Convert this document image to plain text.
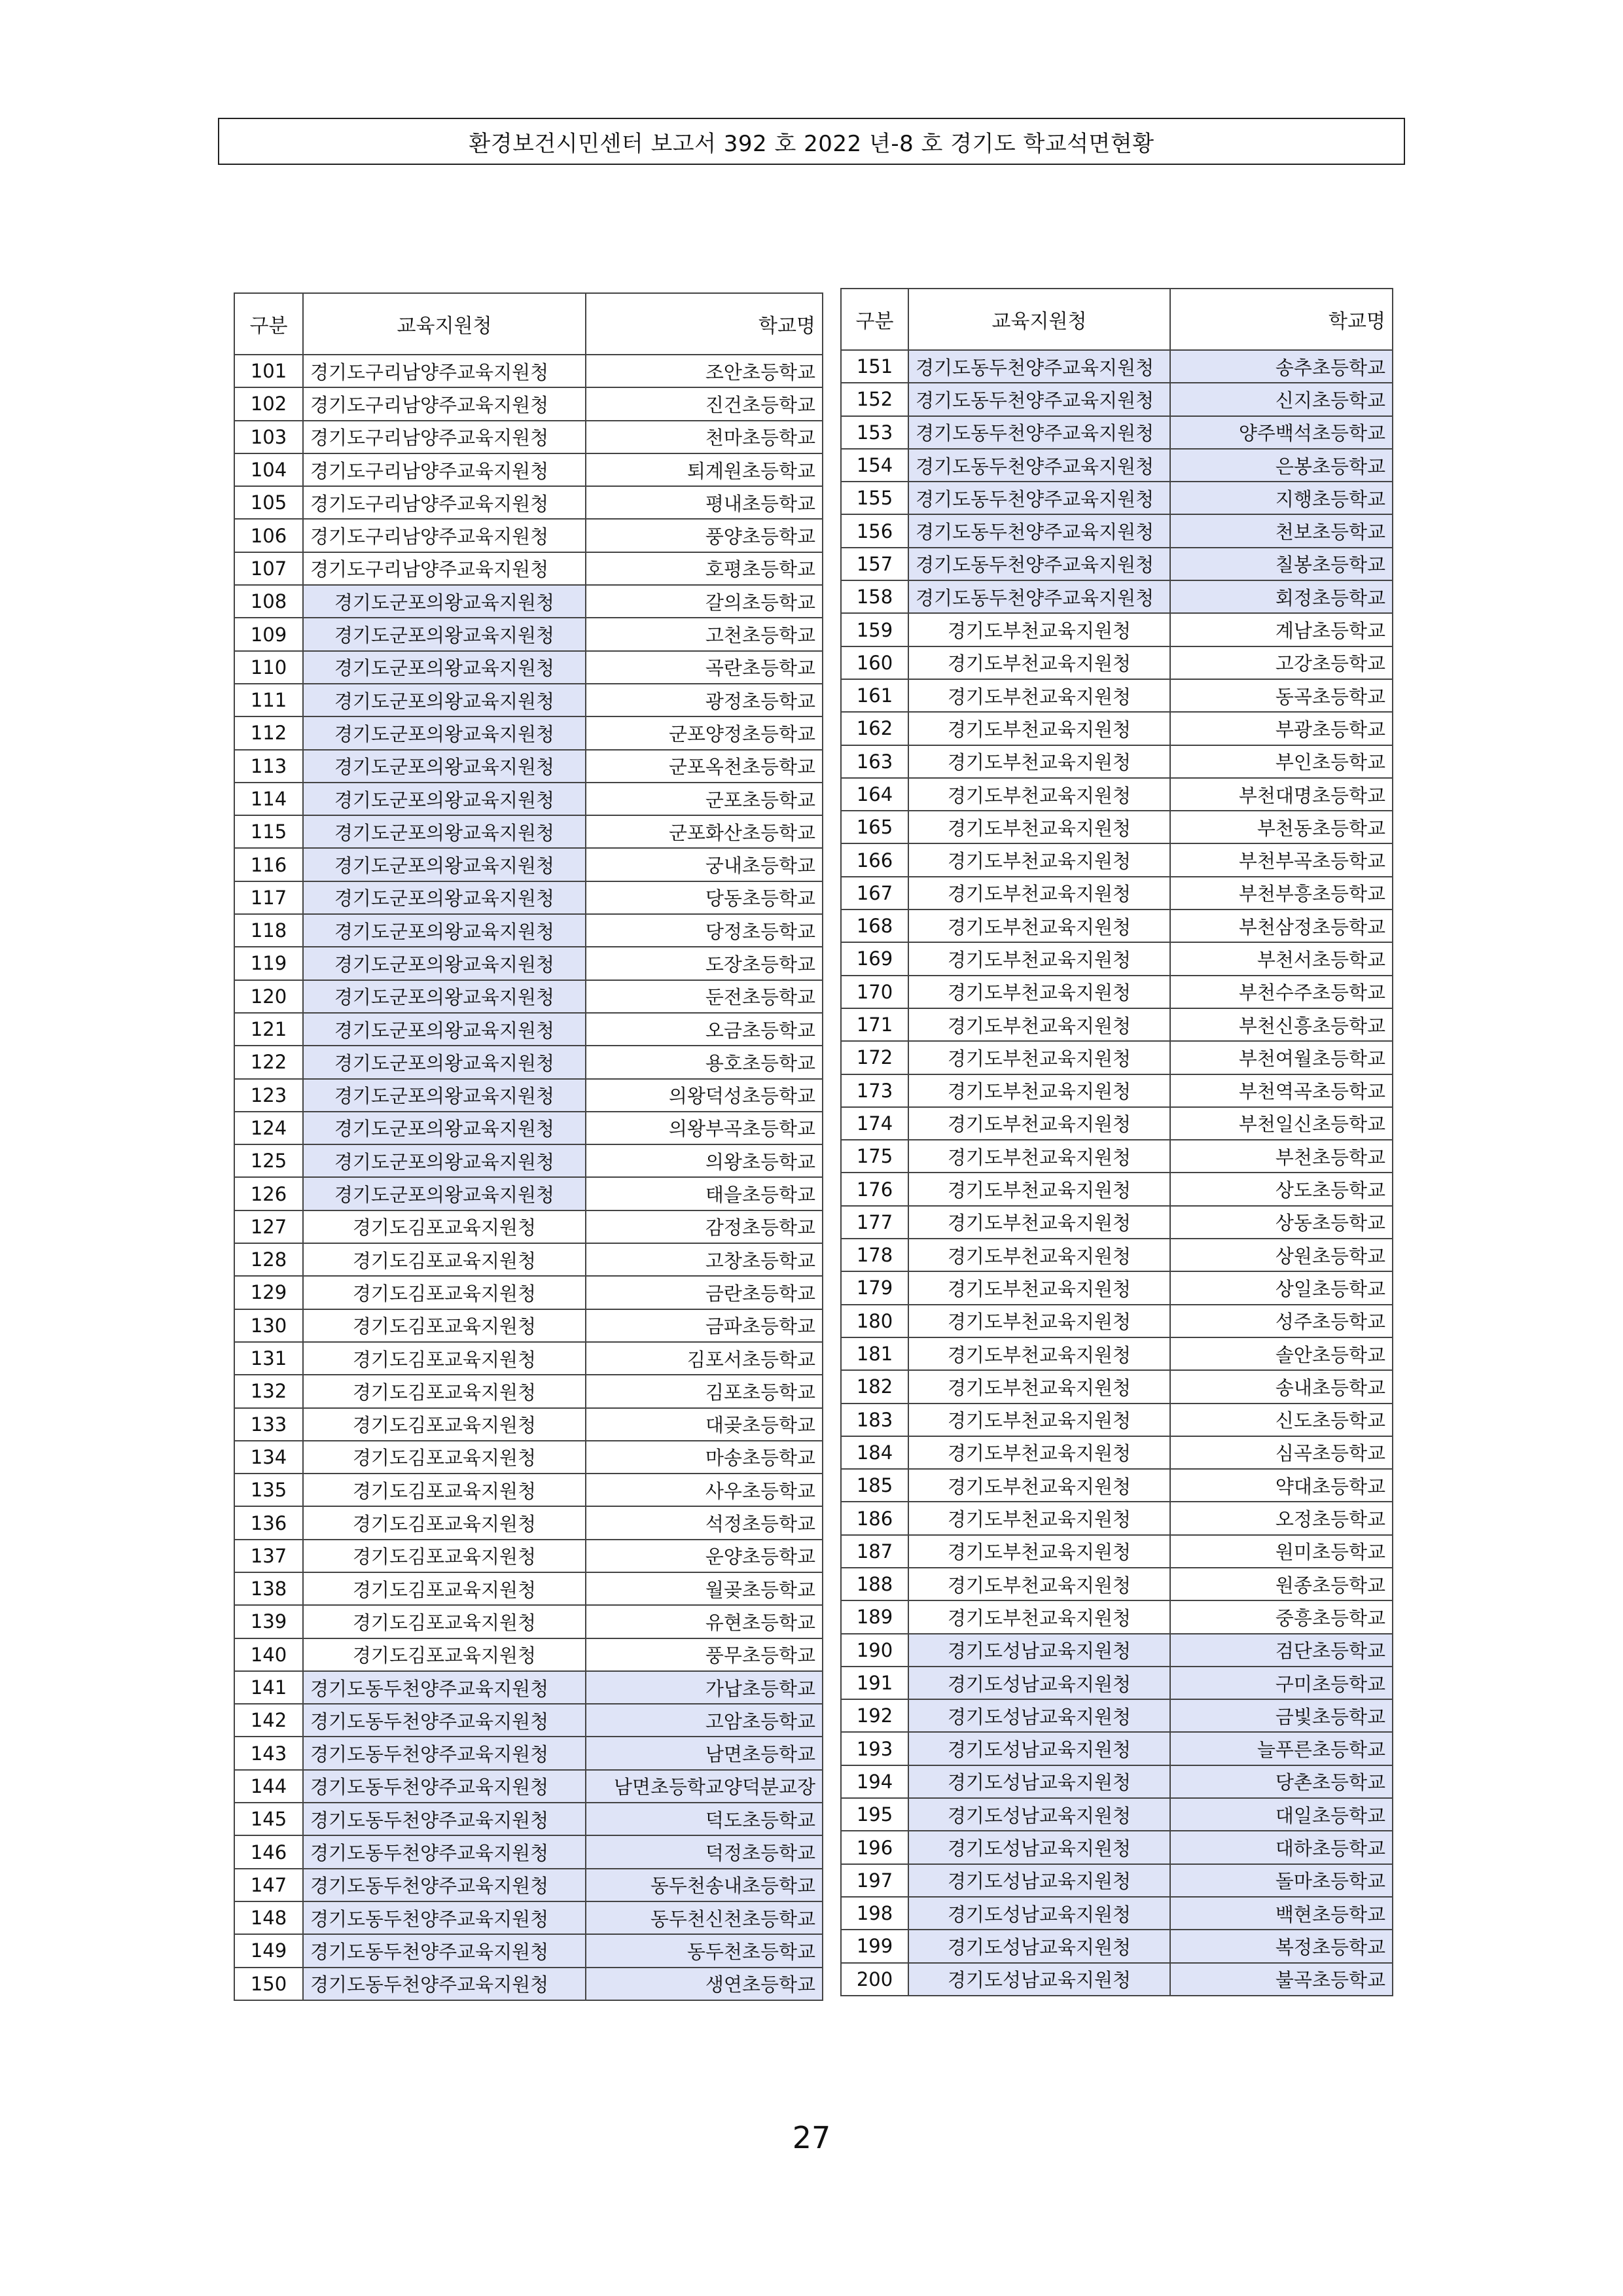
환경보건시민센터 보고서 392 호 2022 년-8 호 경기도 학교석면현황
구분	교육지원청	학교명
101	경기도구리남양주교육지원청	조안초등학교
102	경기도구리남양주교육지원청	진건초등학교
103	경기도구리남양주교육지원청	천마초등학교
104	경기도구리남양주교육지원청	퇴계원초등학교
105	경기도구리남양주교육지원청	평내초등학교
106	경기도구리남양주교육지원청	풍양초등학교
107	경기도구리남양주교육지원청	호평초등학교
108	경기도군포의왕교육지원청	갈의초등학교
109	경기도군포의왕교육지원청	고천초등학교
110	경기도군포의왕교육지원청	곡란초등학교
111	경기도군포의왕교육지원청	광정초등학교
112	경기도군포의왕교육지원청	군포양정초등학교
113	경기도군포의왕교육지원청	군포옥천초등학교
114	경기도군포의왕교육지원청	군포초등학교
115	경기도군포의왕교육지원청	군포화산초등학교
116	경기도군포의왕교육지원청	궁내초등학교
117	경기도군포의왕교육지원청	당동초등학교
118	경기도군포의왕교육지원청	당정초등학교
119	경기도군포의왕교육지원청	도장초등학교
120	경기도군포의왕교육지원청	둔전초등학교
121	경기도군포의왕교육지원청	오금초등학교
122	경기도군포의왕교육지원청	용호초등학교
123	경기도군포의왕교육지원청	의왕덕성초등학교
124	경기도군포의왕교육지원청	의왕부곡초등학교
125	경기도군포의왕교육지원청	의왕초등학교
126	경기도군포의왕교육지원청	태을초등학교
127	경기도김포교육지원청	감정초등학교
128	경기도김포교육지원청	고창초등학교
129	경기도김포교육지원청	금란초등학교
130	경기도김포교육지원청	금파초등학교
131	경기도김포교육지원청	김포서초등학교
132	경기도김포교육지원청	김포초등학교
133	경기도김포교육지원청	대곶초등학교
134	경기도김포교육지원청	마송초등학교
135	경기도김포교육지원청	사우초등학교
136	경기도김포교육지원청	석정초등학교
137	경기도김포교육지원청	운양초등학교
138	경기도김포교육지원청	월곶초등학교
139	경기도김포교육지원청	유현초등학교
140	경기도김포교육지원청	풍무초등학교
141	경기도동두천양주교육지원청	가납초등학교
142	경기도동두천양주교육지원청	고암초등학교
143	경기도동두천양주교육지원청	남면초등학교
144	경기도동두천양주교육지원청	남면초등학교양덕분교장
145	경기도동두천양주교육지원청	덕도초등학교
146	경기도동두천양주교육지원청	덕정초등학교
147	경기도동두천양주교육지원청	동두천송내초등학교
148	경기도동두천양주교육지원청	동두천신천초등학교
149	경기도동두천양주교육지원청	동두천초등학교
150	경기도동두천양주교육지원청	생연초등학교
구분	교육지원청	학교명
151	경기도동두천양주교육지원청	송추초등학교
152	경기도동두천양주교육지원청	신지초등학교
153	경기도동두천양주교육지원청	양주백석초등학교
154	경기도동두천양주교육지원청	은봉초등학교
155	경기도동두천양주교육지원청	지행초등학교
156	경기도동두천양주교육지원청	천보초등학교
157	경기도동두천양주교육지원청	칠봉초등학교
158	경기도동두천양주교육지원청	회정초등학교
159	경기도부천교육지원청	계남초등학교
160	경기도부천교육지원청	고강초등학교
161	경기도부천교육지원청	동곡초등학교
162	경기도부천교육지원청	부광초등학교
163	경기도부천교육지원청	부인초등학교
164	경기도부천교육지원청	부천대명초등학교
165	경기도부천교육지원청	부천동초등학교
166	경기도부천교육지원청	부천부곡초등학교
167	경기도부천교육지원청	부천부흥초등학교
168	경기도부천교육지원청	부천삼정초등학교
169	경기도부천교육지원청	부천서초등학교
170	경기도부천교육지원청	부천수주초등학교
171	경기도부천교육지원청	부천신흥초등학교
172	경기도부천교육지원청	부천여월초등학교
173	경기도부천교육지원청	부천역곡초등학교
174	경기도부천교육지원청	부천일신초등학교
175	경기도부천교육지원청	부천초등학교
176	경기도부천교육지원청	상도초등학교
177	경기도부천교육지원청	상동초등학교
178	경기도부천교육지원청	상원초등학교
179	경기도부천교육지원청	상일초등학교
180	경기도부천교육지원청	성주초등학교
181	경기도부천교육지원청	솔안초등학교
182	경기도부천교육지원청	송내초등학교
183	경기도부천교육지원청	신도초등학교
184	경기도부천교육지원청	심곡초등학교
185	경기도부천교육지원청	약대초등학교
186	경기도부천교육지원청	오정초등학교
187	경기도부천교육지원청	원미초등학교
188	경기도부천교육지원청	원종초등학교
189	경기도부천교육지원청	중흥초등학교
190	경기도성남교육지원청	검단초등학교
191	경기도성남교육지원청	구미초등학교
192	경기도성남교육지원청	금빛초등학교
193	경기도성남교육지원청	늘푸른초등학교
194	경기도성남교육지원청	당촌초등학교
195	경기도성남교육지원청	대일초등학교
196	경기도성남교육지원청	대하초등학교
197	경기도성남교육지원청	돌마초등학교
198	경기도성남교육지원청	백현초등학교
199	경기도성남교육지원청	복정초등학교
200	경기도성남교육지원청	불곡초등학교
27
